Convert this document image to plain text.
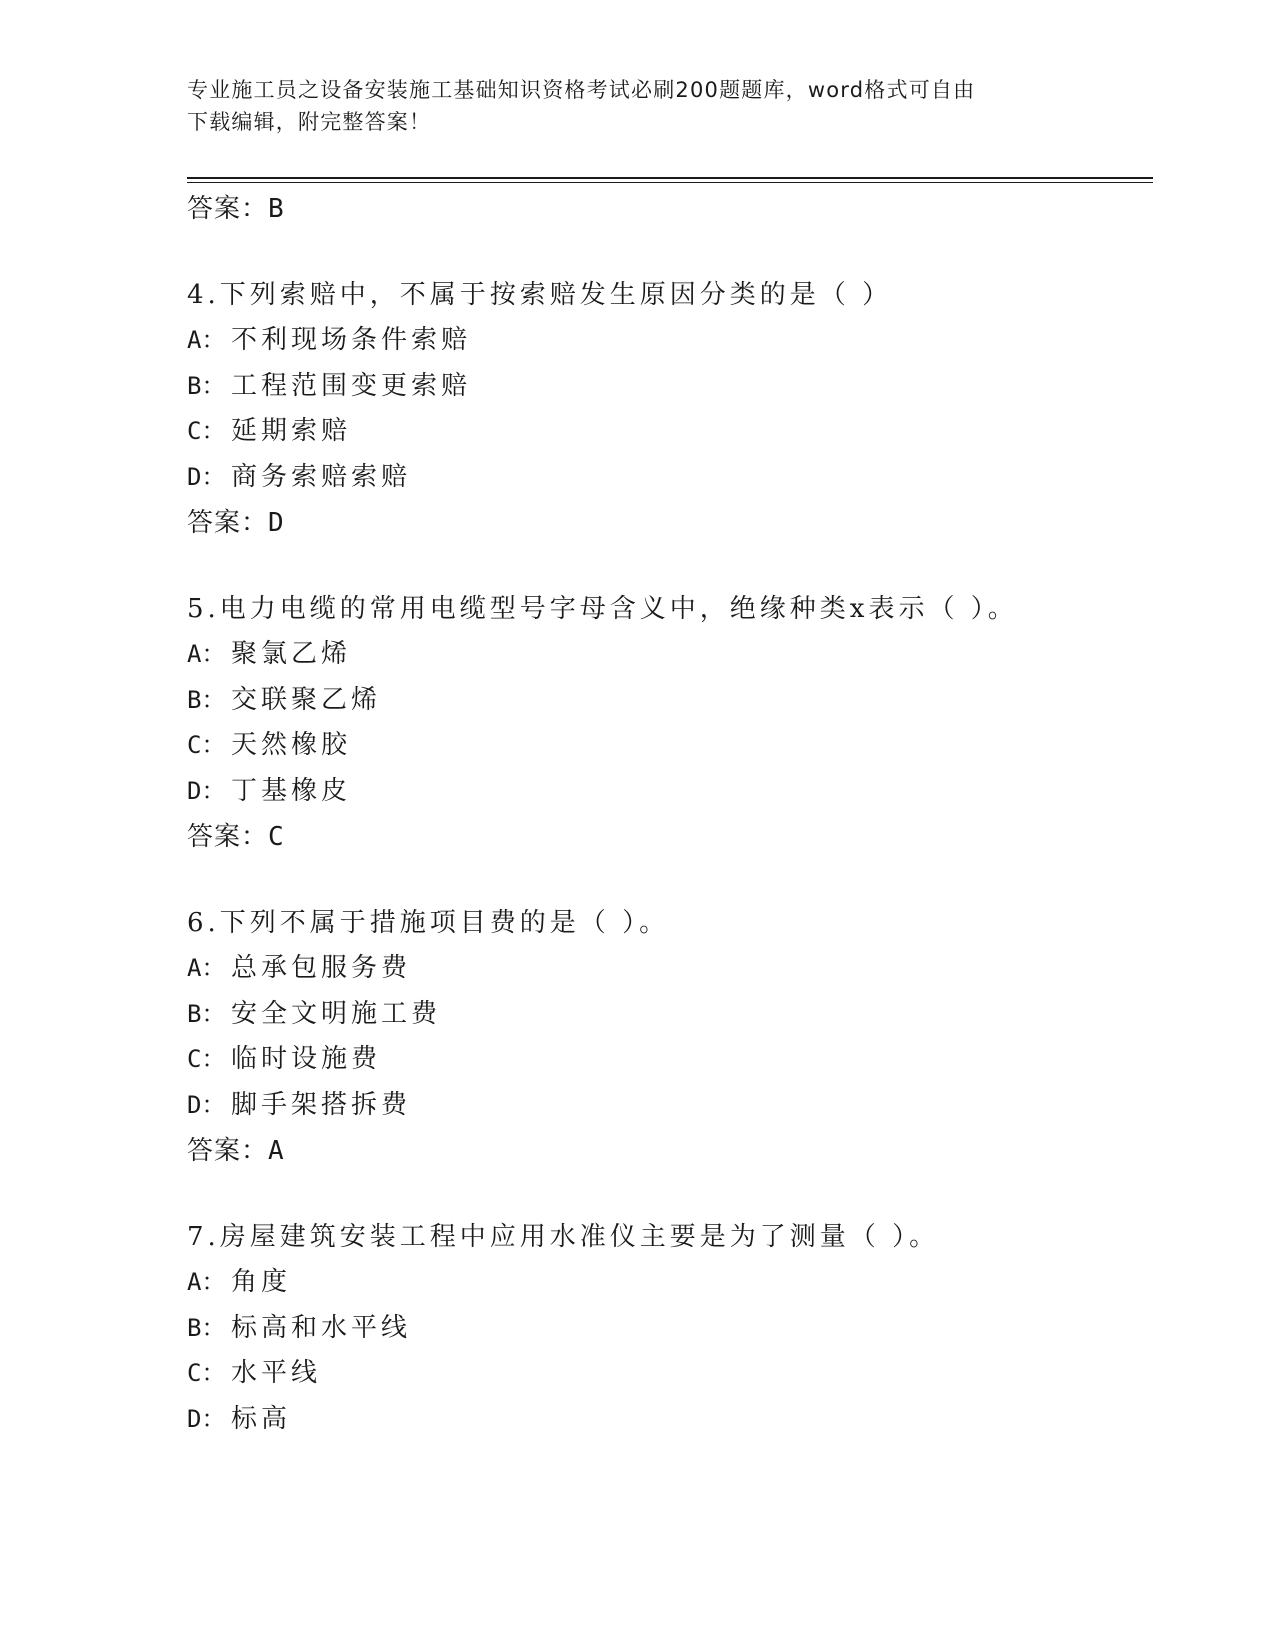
专业施工员之设备安装施工基础知识资格考试必刷200题题库，word格式可自由
下载编辑，附完整答案！
答案：B
4.下列索赔中，不属于按索赔发生原因分类的是（ ）
A： 不利现场条件索赔
B： 工程范围变更索赔
C： 延期索赔
D： 商务索赔索赔
答案：D
5.电力电缆的常用电缆型号字母含义中，绝缘种类x表示（ ）。
A： 聚氯乙烯
B： 交联聚乙烯
C： 天然橡胶
D： 丁基橡皮
答案：C
6.下列不属于措施项目费的是（ ）。
A： 总承包服务费
B： 安全文明施工费
C： 临时设施费
D： 脚手架搭拆费
答案：A
7.房屋建筑安装工程中应用水准仪主要是为了测量（ ）。
A： 角度
B： 标高和水平线
C： 水平线
D： 标高
